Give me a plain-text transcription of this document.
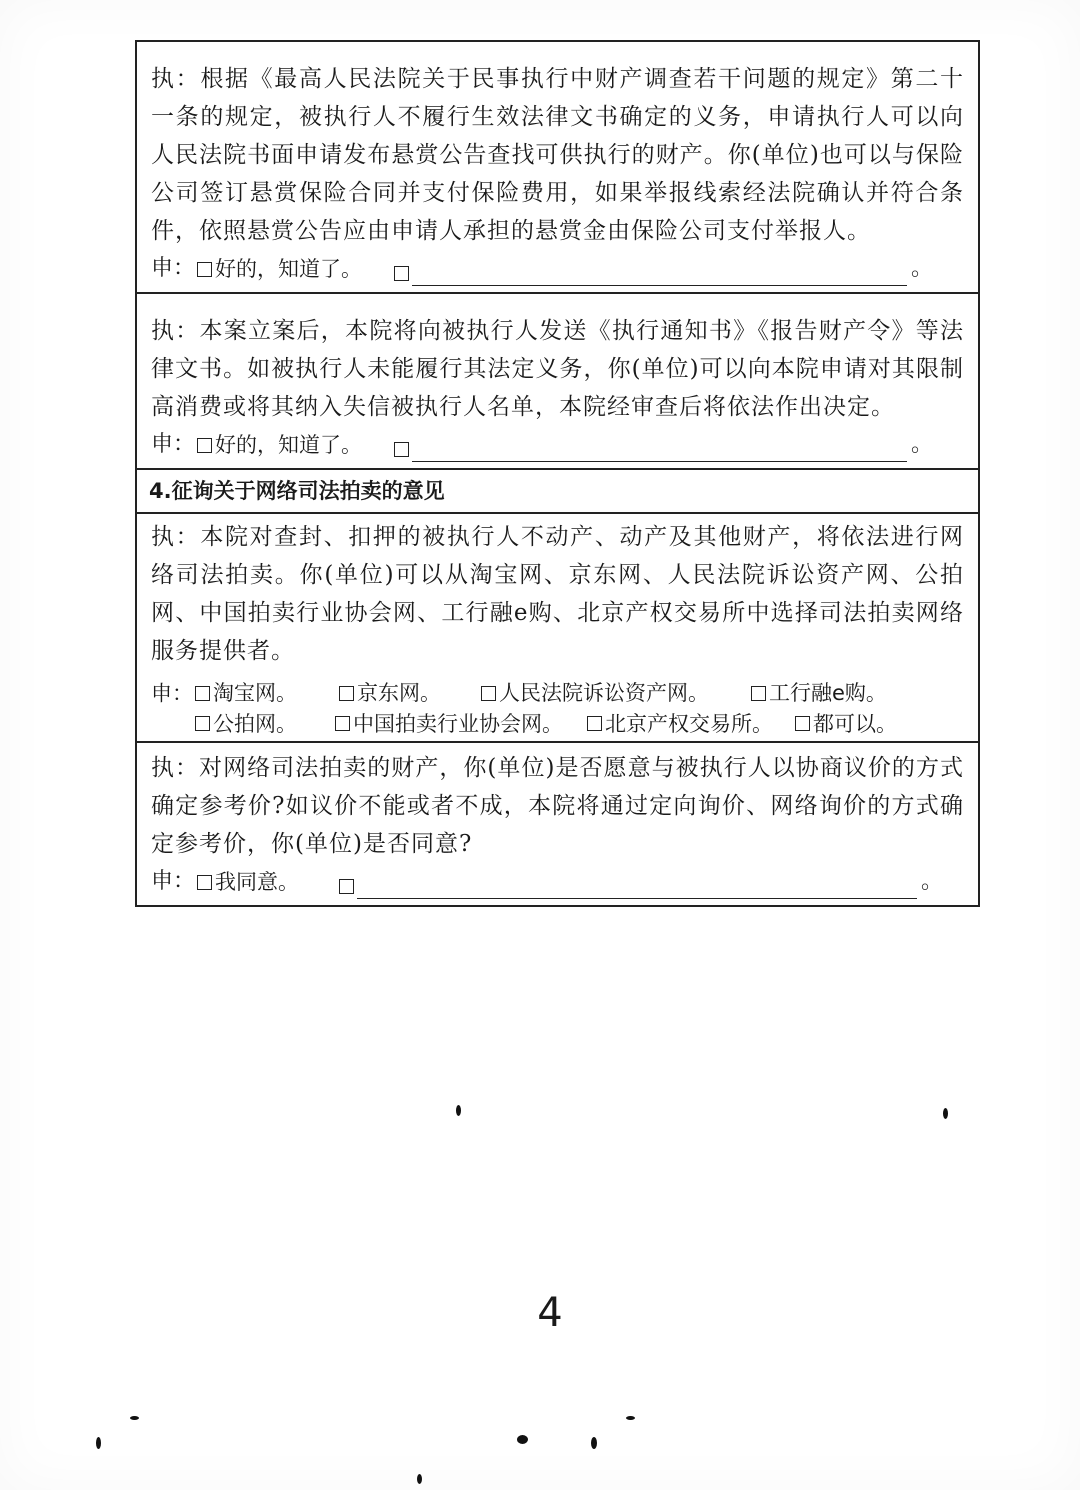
执：根据《最高人民法院关于民事执行中财产调查若干问题的规定》第二十一条的规定，被执行人不履行生效法律文书确定的义务，申请执行人可以向人民法院书面申请发布悬赏公告查找可供执行的财产。你(单位)也可以与保险公司签订悬赏保险合同并支付保险费用，如果举报线索经法院确认并符合条件，依照悬赏公告应由申请人承担的悬赏金由保险公司支付举报人。

申： 好的，知道了。	。

执：本案立案后，本院将向被执行人发送《执行通知书》《报告财产令》等法律文书。如被执行人未能履行其法定义务，你(单位)可以向本院申请对其限制高消费或将其纳入失信被执行人名单，本院经审查后将依法作出决定。

申： 好的，知道了。	。
4.征询关于网络司法拍卖的意见

执：本院对查封、扣押的被执行人不动产、动产及其他财产，将依法进行网络司法拍卖。你(单位)可以从淘宝网、京东网、人民法院诉讼资产网、公拍网、中国拍卖行业协会网、工行融e购、北京产权交易所中选择司法拍卖网络服务提供者。

申： 淘宝网。	京东网。	人民法院诉讼资产网。	工行融e购。
公拍网。	中国拍卖行业协会网。 北京产权交易所。 都可以。

执：对网络司法拍卖的财产，你(单位)是否愿意与被执行人以协商议价的方式确定参考价?如议价不能或者不成，本院将通过定向询价、网络询价的方式确定参考价，你(单位)是否同意?

申： 我同意。	。
4
